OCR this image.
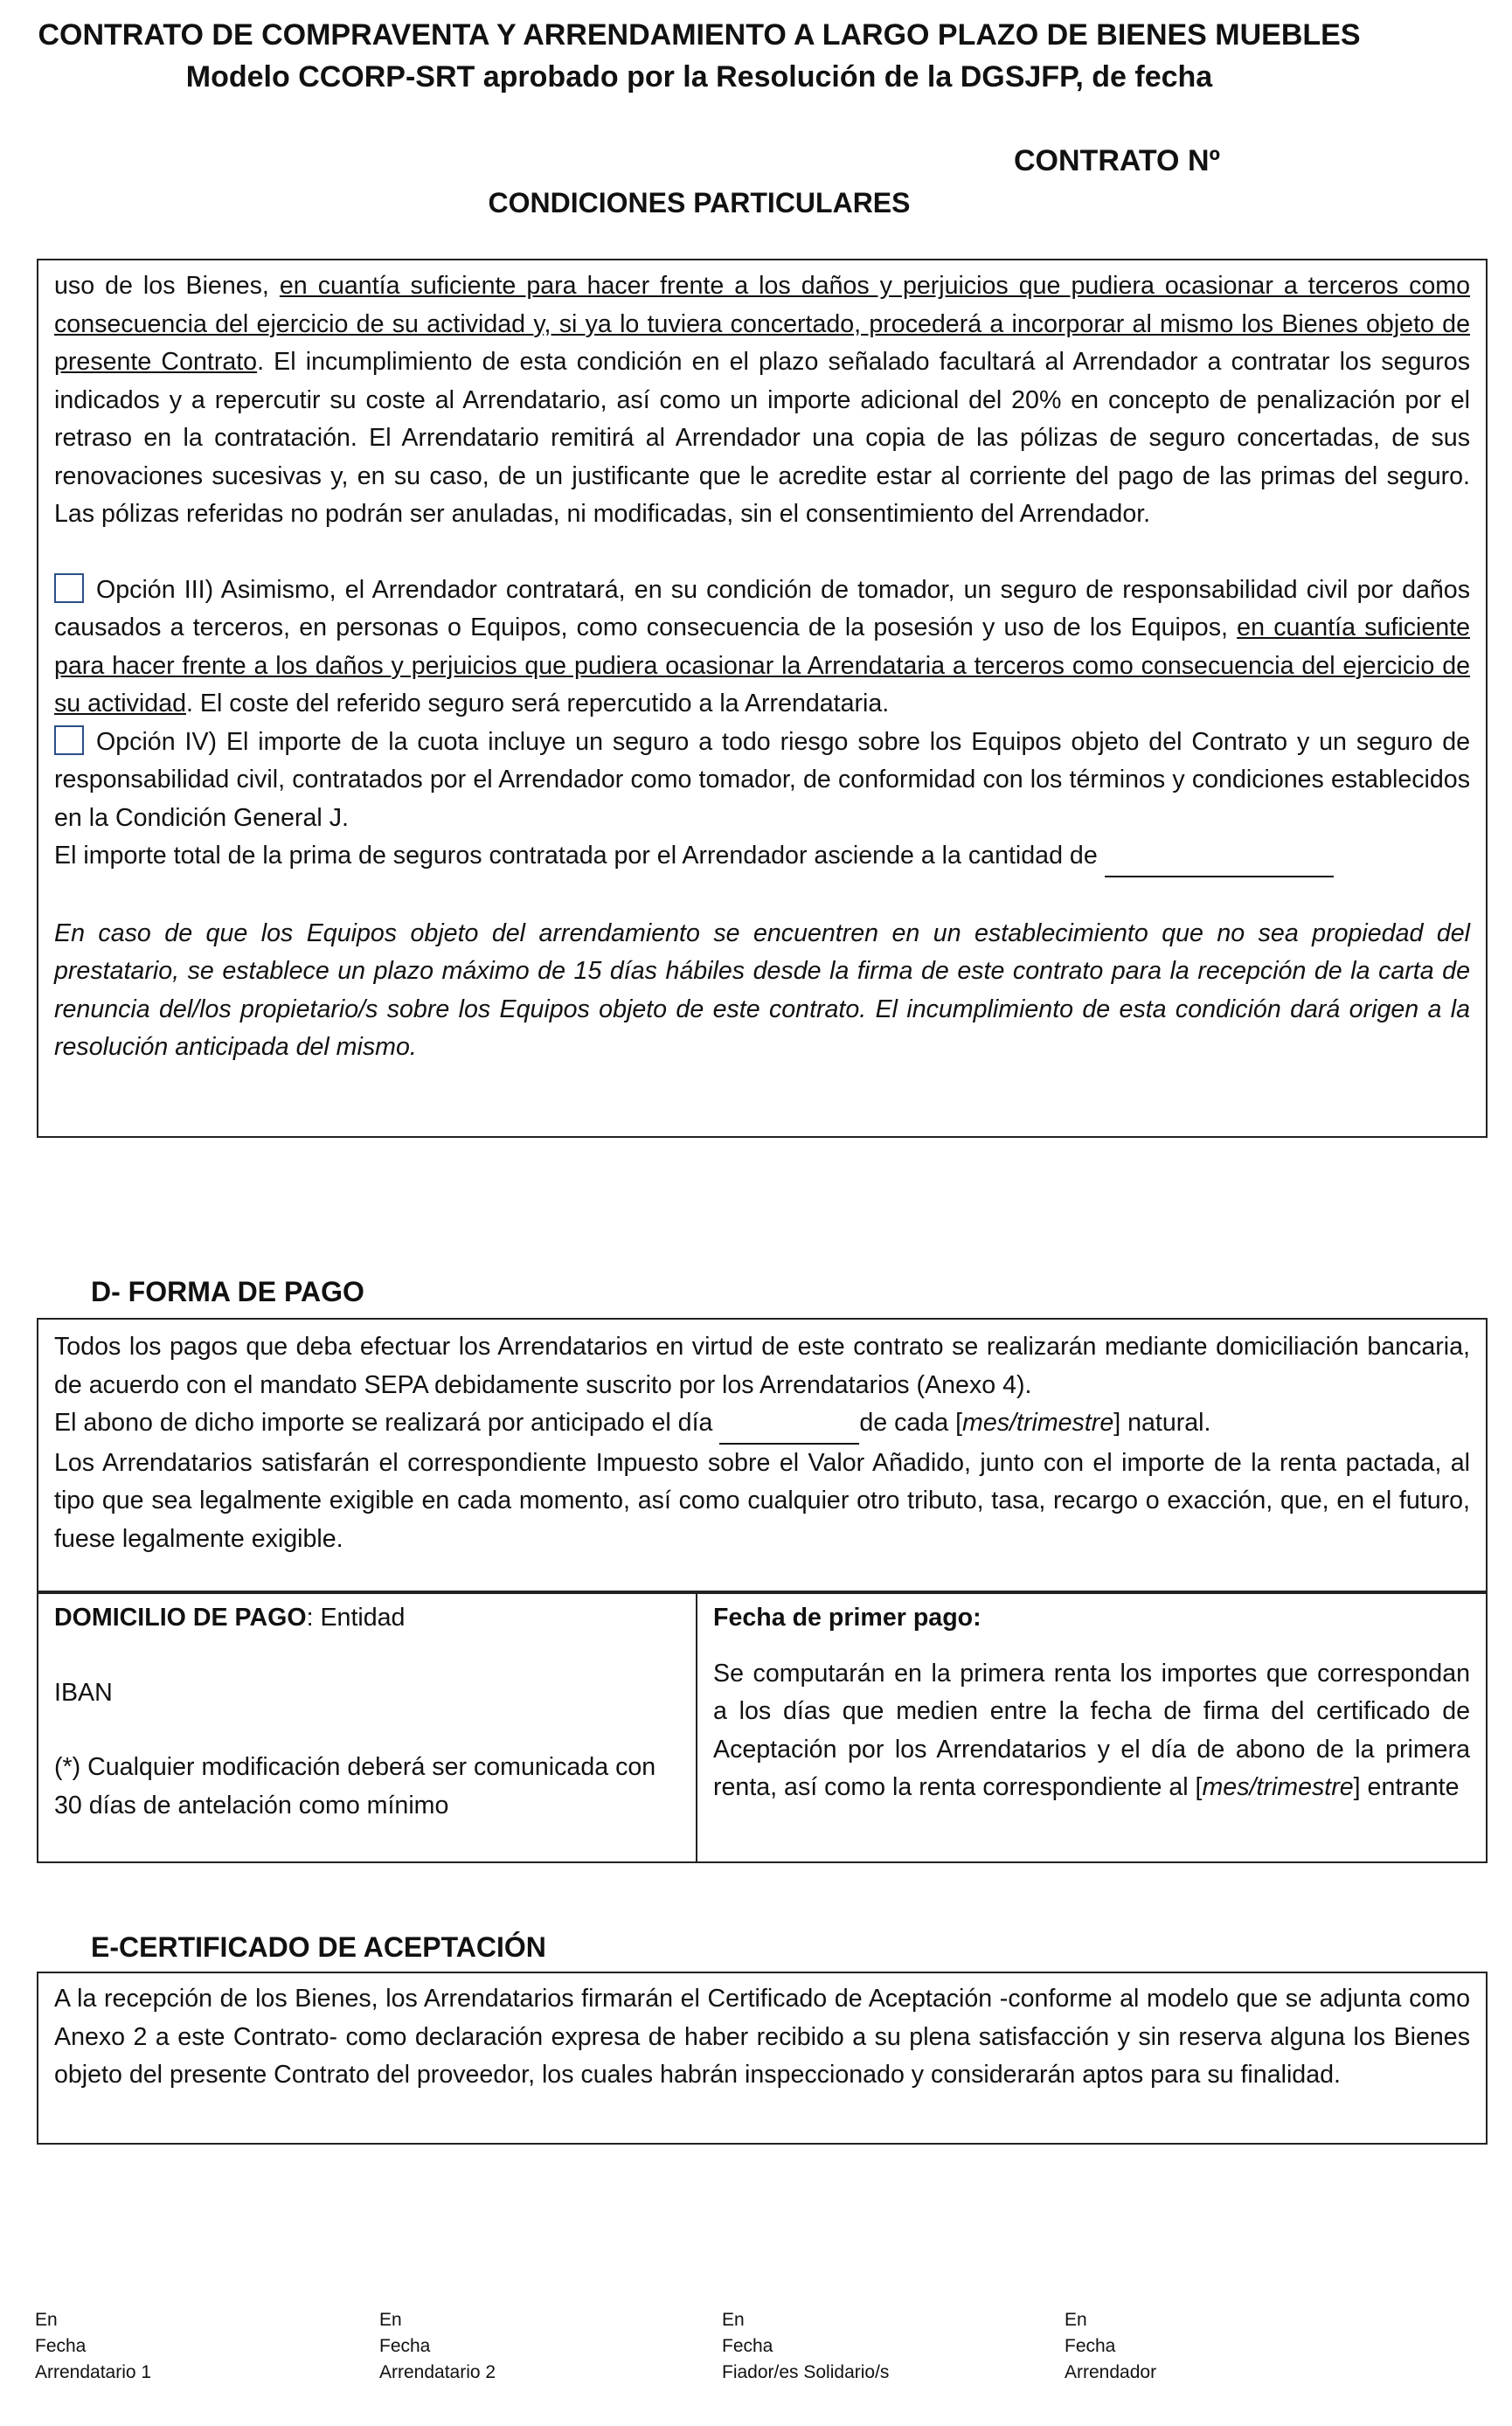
CONTRATO DE COMPRAVENTA Y ARRENDAMIENTO A LARGO PLAZO DE BIENES MUEBLES
Modelo CCORP-SRT aprobado por la Resolución de la DGSJFP, de fecha
CONTRATO Nº
CONDICIONES PARTICULARES

uso de los Bienes, en cuantía suficiente para hacer frente a los daños y perjuicios que pudiera ocasionar a terceros como consecuencia del ejercicio de su actividad y, si ya lo tuviera concertado, procederá a incorporar al mismo los Bienes objeto de presente Contrato. El incumplimiento de esta condición en el plazo señalado facultará al Arrendador a contratar los seguros indicados y a repercutir su coste al Arrendatario, así como un importe adicional del 20% en concepto de penalización por el retraso en la contratación. El Arrendatario remitirá al Arrendador una copia de las pólizas de seguro concertadas, de sus renovaciones sucesivas y, en su caso, de un justificante que le acredite estar al corriente del pago de las primas del seguro. Las pólizas referidas no podrán ser anuladas, ni modificadas, sin el consentimiento del Arrendador.

Opción III) Asimismo, el Arrendador contratará, en su condición de tomador, un seguro de responsabilidad civil por daños causados a terceros, en personas o Equipos, como consecuencia de la posesión y uso de los Equipos, en cuantía suficiente para hacer frente a los daños y perjuicios que pudiera ocasionar la Arrendataria a terceros como consecuencia del ejercicio de su actividad. El coste del referido seguro será repercutido a la Arrendataria.

Opción IV) El importe de la cuota incluye un seguro a todo riesgo sobre los Equipos objeto del Contrato y un seguro de responsabilidad civil, contratados por el Arrendador como tomador, de conformidad con los términos y condiciones establecidos en la Condición General J.

El importe total de la prima de seguros contratada por el Arrendador asciende a la cantidad de

En caso de que los Equipos objeto del arrendamiento se encuentren en un establecimiento que no sea propiedad del prestatario, se establece un plazo máximo de 15 días hábiles desde la firma de este contrato para la recepción de la carta de renuncia del/los propietario/s sobre los Equipos objeto de este contrato. El incumplimiento de esta condición dará origen a la resolución anticipada del mismo.

D- FORMA DE PAGO

Todos los pagos que deba efectuar los Arrendatarios en virtud de este contrato se realizarán mediante domiciliación bancaria, de acuerdo con el mandato SEPA debidamente suscrito por los Arrendatarios (Anexo 4).

El abono de dicho importe se realizará por anticipado el día	de cada [mes/trimestre] natural.

Los Arrendatarios satisfarán el correspondiente Impuesto sobre el Valor Añadido, junto con el importe de la renta pactada, al tipo que sea legalmente exigible en cada momento, así como cualquier otro tributo, tasa, recargo o exacción, que, en el futuro, fuese legalmente exigible.

DOMICILIO DE PAGO: Entidad

IBAN

(*) Cualquier modificación deberá ser comunicada con 30 días de antelación como mínimo

Fecha de primer pago:

Se computarán en la primera renta los importes que correspondan a los días que medien entre la fecha de firma del certificado de Aceptación por los Arrendatarios y el día de abono de la primera renta, así como la renta correspondiente al [mes/trimestre] entrante

E-CERTIFICADO DE ACEPTACIÓN

A la recepción de los Bienes, los Arrendatarios firmarán el Certificado de Aceptación -conforme al modelo que se adjunta como Anexo 2 a este Contrato- como declaración expresa de haber recibido a su plena satisfacción y sin reserva alguna los Bienes objeto del presente Contrato del proveedor, los cuales habrán inspeccionado y considerarán aptos para su finalidad.

En
Fecha
Arrendatario 1
En
Fecha
Arrendatario 2
En
Fecha
Fiador/es Solidario/s
En
Fecha
Arrendador
